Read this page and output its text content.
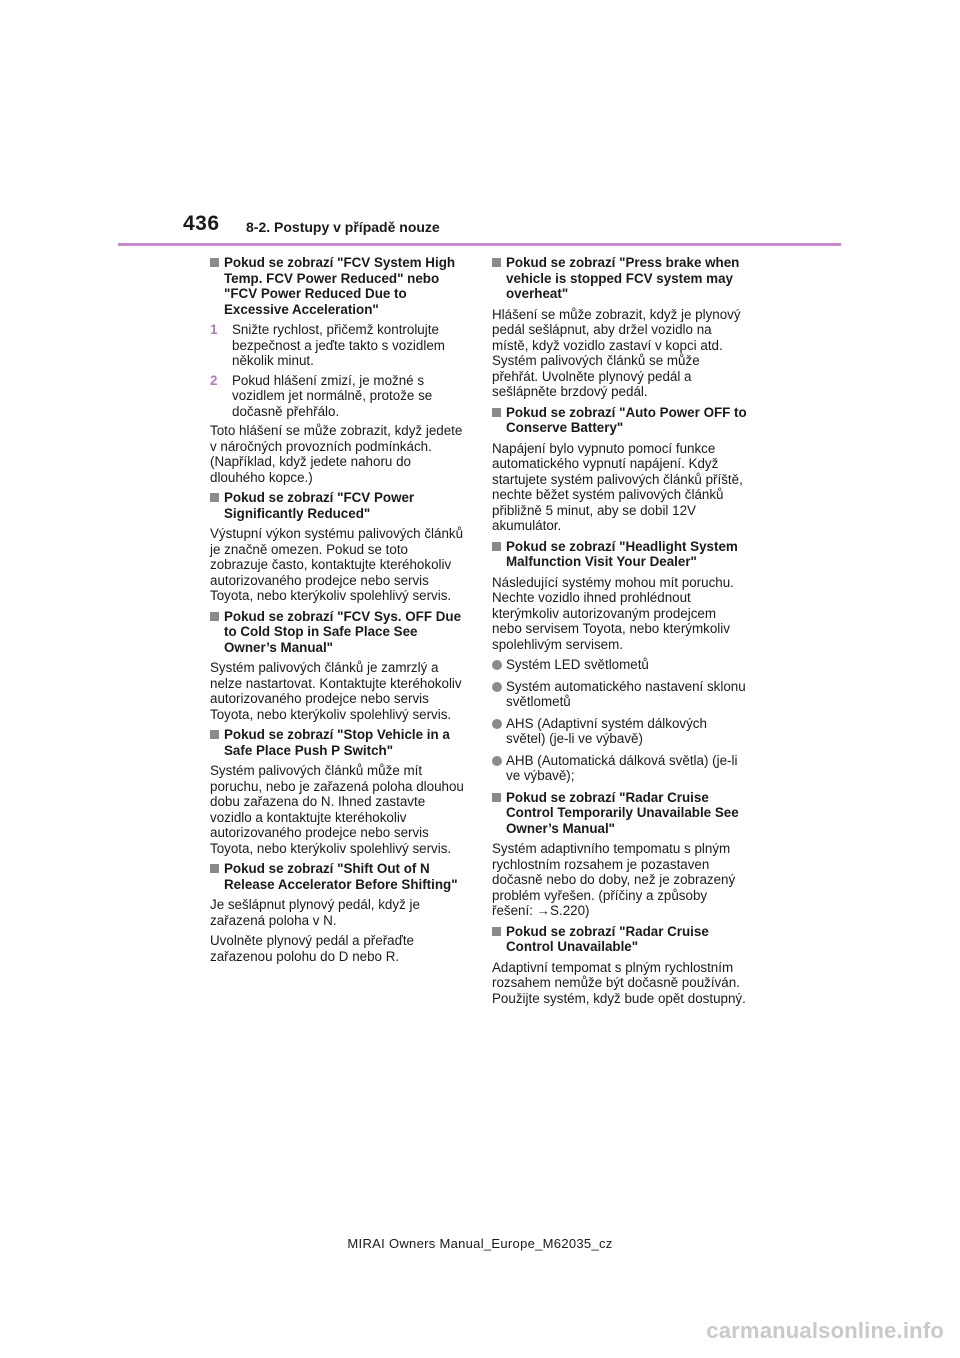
436 8-2. Postupy v případě nouze
Pokud se zobrazí "FCV System High Temp. FCV Power Reduced" nebo "FCV Power Reduced Due to Excessive Acceleration"
1 Snižte rychlost, přičemž kontrolujte bezpečnost a jeďte takto s vozidlem několik minut.
2 Pokud hlášení zmizí, je možné s vozidlem jet normálně, protože se dočasně přehřálo.

Toto hlášení se může zobrazit, když jedete v náročných provozních podmínkách. (Například, když jedete nahoru do dlouhého kopce.)

Pokud se zobrazí "FCV Power Significantly Reduced"

Výstupní výkon systému palivových článků je značně omezen. Pokud se toto zobrazuje často, kontaktujte kteréhokoliv autorizovaného prodejce nebo servis Toyota, nebo kterýkoliv spolehlivý servis.

Pokud se zobrazí "FCV Sys. OFF Due to Cold Stop in Safe Place See Owner’s Manual"

Systém palivových článků je zamrzlý a nelze nastartovat. Kontaktujte kteréhokoliv autorizovaného prodejce nebo servis Toyota, nebo kterýkoliv spolehlivý servis.

Pokud se zobrazí "Stop Vehicle in a Safe Place Push P Switch"

Systém palivových článků může mít poruchu, nebo je zařazená poloha dlouhou dobu zařazena do N. Ihned zastavte vozidlo a kontaktujte kteréhokoliv autorizovaného prodejce nebo servis Toyota, nebo kterýkoliv spolehlivý servis.

Pokud se zobrazí "Shift Out of N Release Accelerator Before Shifting"

Je sešlápnut plynový pedál, když je zařazená poloha v N.

Uvolněte plynový pedál a přeřaďte zařazenou polohu do D nebo R.

Pokud se zobrazí "Press brake when vehicle is stopped FCV system may overheat"

Hlášení se může zobrazit, když je plynový pedál sešlápnut, aby držel vozidlo na místě, když vozidlo zastaví v kopci atd. Systém palivových článků se může přehřát. Uvolněte plynový pedál a sešlápněte brzdový pedál.

Pokud se zobrazí "Auto Power OFF to Conserve Battery"

Napájení bylo vypnuto pomocí funkce automatického vypnutí napájení. Když startujete systém palivových článků příště, nechte běžet systém palivových článků přibližně 5 minut, aby se dobil 12V akumulátor.

Pokud se zobrazí "Headlight System Malfunction Visit Your Dealer"

Následující systémy mohou mít poruchu. Nechte vozidlo ihned prohlédnout kterýmkoliv autorizovaným prodejcem nebo servisem Toyota, nebo kterýmkoliv spolehlivým servisem.

Systém LED světlometů
Systém automatického nastavení sklonu světlometů
AHS (Adaptivní systém dálkových světel) (je-li ve výbavě)
AHB (Automatická dálková světla) (je-li ve výbavě);
Pokud se zobrazí "Radar Cruise Control Temporarily Unavailable See Owner’s Manual"

Systém adaptivního tempomatu s plným rychlostním rozsahem je pozastaven dočasně nebo do doby, než je zobrazený problém vyřešen. (příčiny a způsoby řešení: →S.220)

Pokud se zobrazí "Radar Cruise Control Unavailable"

Adaptivní tempomat s plným rychlostním rozsahem nemůže být dočasně používán. Použijte systém, když bude opět dostupný.

MIRAI Owners Manual_Europe_M62035_cz
carmanualsonline.info
